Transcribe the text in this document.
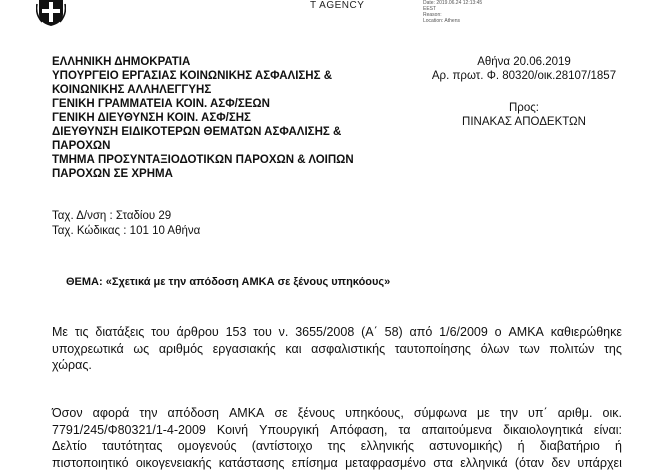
T AGENCY	Date: 2019.06.24 12:13:45
EEST
Reason:
Location: Athens
ΕΛΛΗΝΙΚΗ ΔΗΜΟΚΡΑΤΙΑ
ΥΠΟΥΡΓΕΙΟ ΕΡΓΑΣΙΑΣ ΚΟΙΝΩΝΙΚΗΣ ΑΣΦΑΛΙΣΗΣ &
ΚΟΙΝΩΝΙΚΗΣ ΑΛΛΗΛΕΓΓΥΗΣ
ΓΕΝΙΚΗ ΓΡΑΜΜΑΤΕΙΑ ΚΟΙΝ. ΑΣΦ/ΣΕΩΝ
ΓΕΝΙΚΗ ΔΙΕΥΘΥΝΣΗ ΚΟΙΝ. ΑΣΦ/ΣΗΣ
ΔΙΕΥΘΥΝΣΗ ΕΙΔΙΚΟΤΕΡΩΝ ΘΕΜΑΤΩΝ ΑΣΦΑΛΙΣΗΣ &
ΠΑΡΟΧΩΝ
ΤΜΗΜΑ ΠΡΟΣΥΝΤΑΞΙΟΔΟΤΙΚΩΝ ΠΑΡΟΧΩΝ & ΛΟΙΠΩΝ
ΠΑΡΟΧΩΝ ΣΕ ΧΡΗΜΑ
Ταχ. Δ/νση : Σταδίου 29
Ταχ. Κώδικας : 101 10 Αθήνα
Αθήνα 20.06.2019
Αρ. πρωτ. Φ. 80320/οικ.28107/1857
Προς:
ΠΙΝΑΚΑΣ ΑΠΟΔΕΚΤΩΝ
ΘΕΜΑ: «Σχετικά με την απόδοση ΑΜΚΑ σε ξένους υπηκόους»
Με τις διατάξεις του άρθρου 153 του ν. 3655/2008 (Α΄ 58) από 1/6/2009 ο ΑΜΚΑ καθιερώθηκε
υποχρεωτικά ως αριθμός εργασιακής και ασφαλιστικής ταυτοποίησης όλων των πολιτών της
χώρας.
Όσον αφορά την απόδοση ΑΜΚΑ σε ξένους υπηκόους, σύμφωνα με την υπ΄ αριθμ. οικ.
7791/245/Φ80321/1-4-2009 Κοινή Υπουργική Απόφαση, τα απαιτούμενα δικαιολογητικά είναι:
Δελτίο ταυτότητας ομογενούς (αντίστοιχο της ελληνικής αστυνομικής) ή διαβατήριο ή
πιστοποιητικό οικογενειακής κατάστασης επίσημα μεταφρασμένο στα ελληνικά (όταν δεν υπάρχει
